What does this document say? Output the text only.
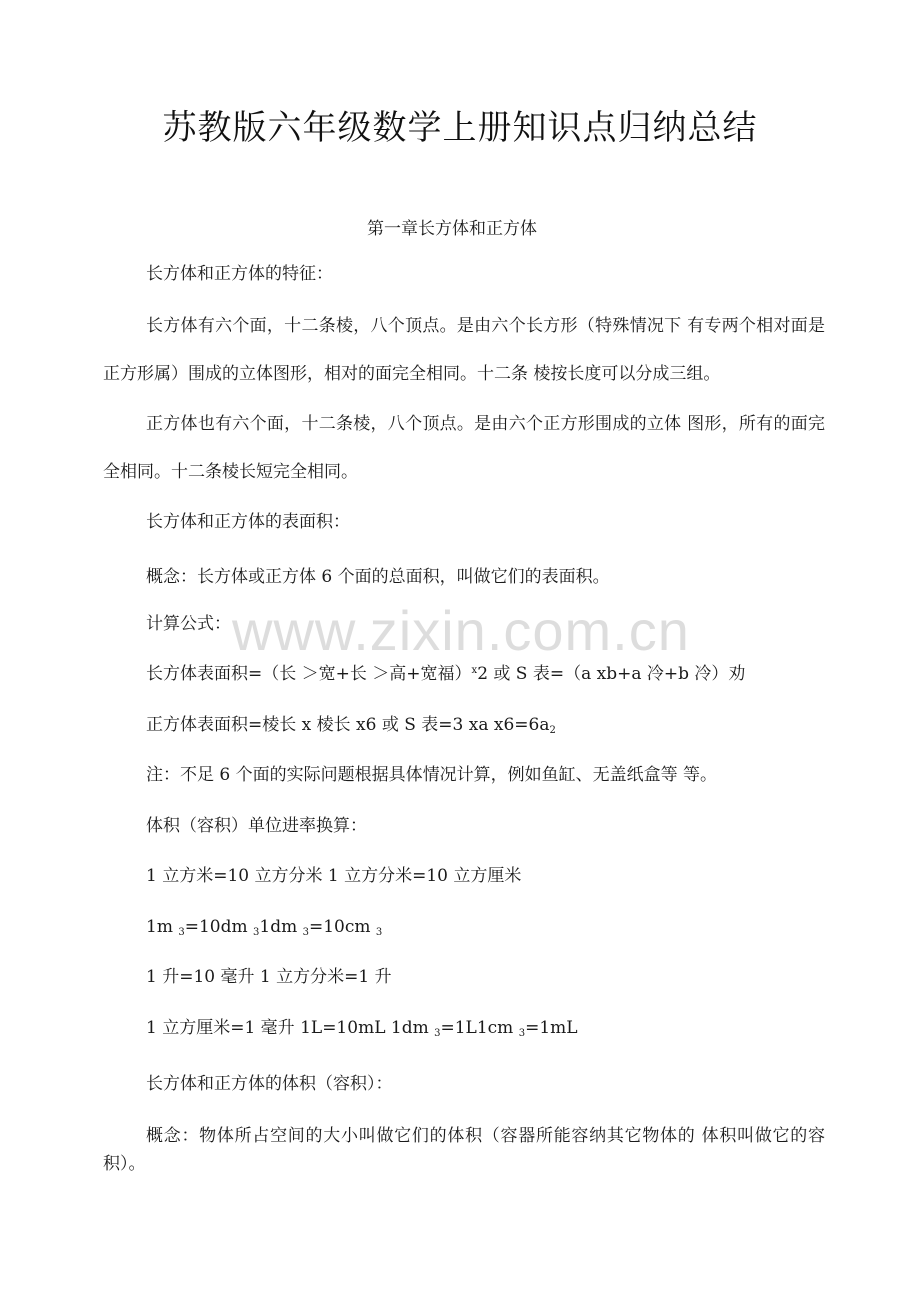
苏教版六年级数学上册知识点归纳总结
第一章长方体和正方体
长方体和正方体的特征：
长方体有六个面，十二条棱，八个顶点。是由六个长方形（特殊情况下 有专两个相对面是正方形属）围成的立体图形，相对的面完全相同。十二条 棱按长度可以分成三组。
正方体也有六个面，十二条棱，八个顶点。是由六个正方形围成的立体 图形，所有的面完全相同。十二条棱长短完全相同。
长方体和正方体的表面积：
概念：长方体或正方体 6 个面的总面积，叫做它们的表面积。
计算公式：
长方体表面积=（长 ＞宽+长 ＞高+宽福）$^x$2 或 S 表=（a xb+a 冷+b 冷）劝
正方体表面积=棱长 x 棱长 x6 或 S 表=3 xa x6=6a2
注：不足 6 个面的实际问题根据具体情况计算，例如鱼缸、无盖纸盒等 等。
体积（容积）单位进率换算：
1 立方米=10 立方分米 1 立方分米=10 立方厘米
1m 3=10dm 31dm 3=10cm 3
1 升=10 毫升 1 立方分米=1 升
1 立方厘米=1 毫升 1L=10mL 1dm 3=1L1cm 3=1mL
长方体和正方体的体积（容积）：
概念：物体所占空间的大小叫做它们的体积（容器所能容纳其它物体的 体积叫做它的容积）。
www.zixin.com.cn
